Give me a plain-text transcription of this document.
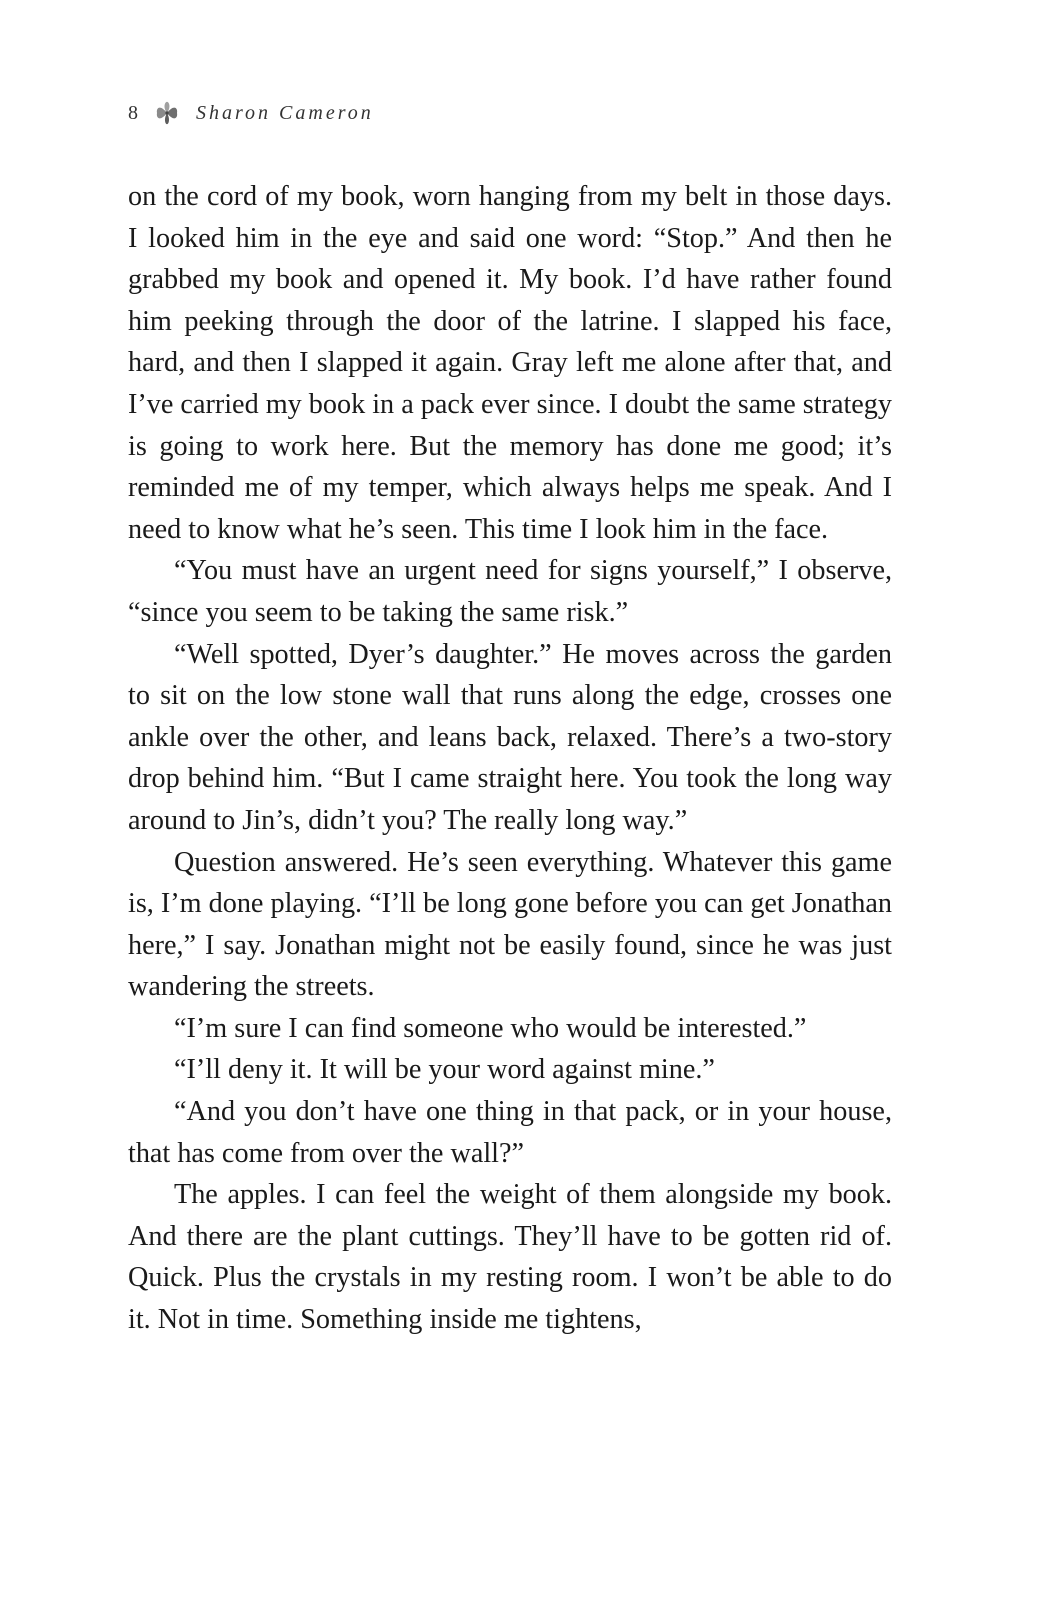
8	Sharon Cameron

on the cord of my book, worn hanging from my belt in those days. I looked him in the eye and said one word: “Stop.” And then he grabbed my book and opened it. My book. I’d have rather found him peeking through the door of the latrine. I slapped his face, hard, and then I slapped it again. Gray left me alone after that, and I’ve carried my book in a pack ever since. I doubt the same strategy is going to work here. But the memory has done me good; it’s reminded me of my temper, which always helps me speak. And I need to know what he’s seen. This time I look him in the face.

“You must have an urgent need for signs yourself,” I observe, “since you seem to be taking the same risk.”

“Well spotted, Dyer’s daughter.” He moves across the garden to sit on the low stone wall that runs along the edge, crosses one ankle over the other, and leans back, relaxed. There’s a two-story drop behind him. “But I came straight here. You took the long way around to Jin’s, didn’t you? The really long way.”

Question answered. He’s seen everything. Whatever this game is, I’m done playing. “I’ll be long gone before you can get Jonathan here,” I say. Jonathan might not be easily found, since he was just wandering the streets.

“I’m sure I can find someone who would be interested.”

“I’ll deny it. It will be your word against mine.”

“And you don’t have one thing in that pack, or in your house, that has come from over the wall?”

The apples. I can feel the weight of them alongside my book. And there are the plant cuttings. They’ll have to be gotten rid of. Quick. Plus the crystals in my resting room. I won’t be able to do it. Not in time. Something inside me tightens,
